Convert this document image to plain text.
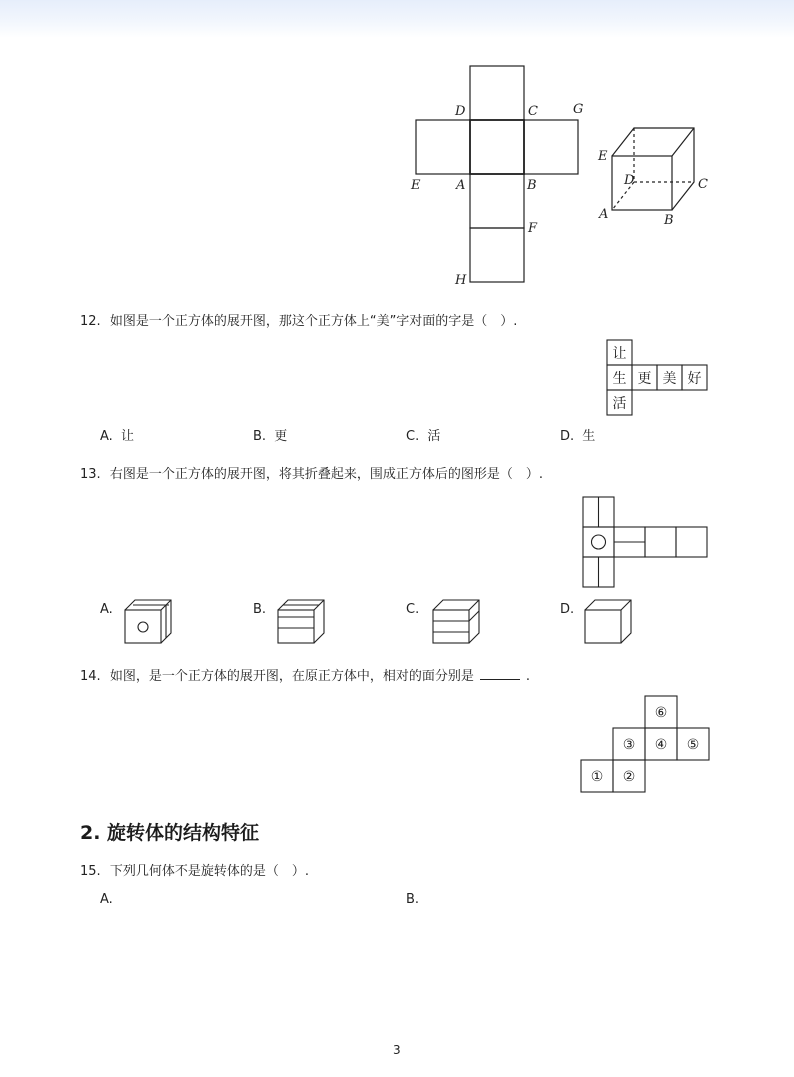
D	C	G
E	A	B
F
H
E
D	C
A	B
12. 如图是一个正方体的展开图，那这个正方体上“美”字对面的字是（　）.
让
生 更 美 好
活
A. 让	B. 更	C. 活	D. 生
13. 右图是一个正方体的展开图，将其折叠起来，围成正方体后的图形是（　）.
A.	B.	C.	D.
14. 如图，是一个正方体的展开图，在原正方体中，相对的面分别是	.
⑥
③ ④ ⑤
① ②
2. 旋转体的结构特征
15. 下列几何体不是旋转体的是（　）.
A.	B.
3
